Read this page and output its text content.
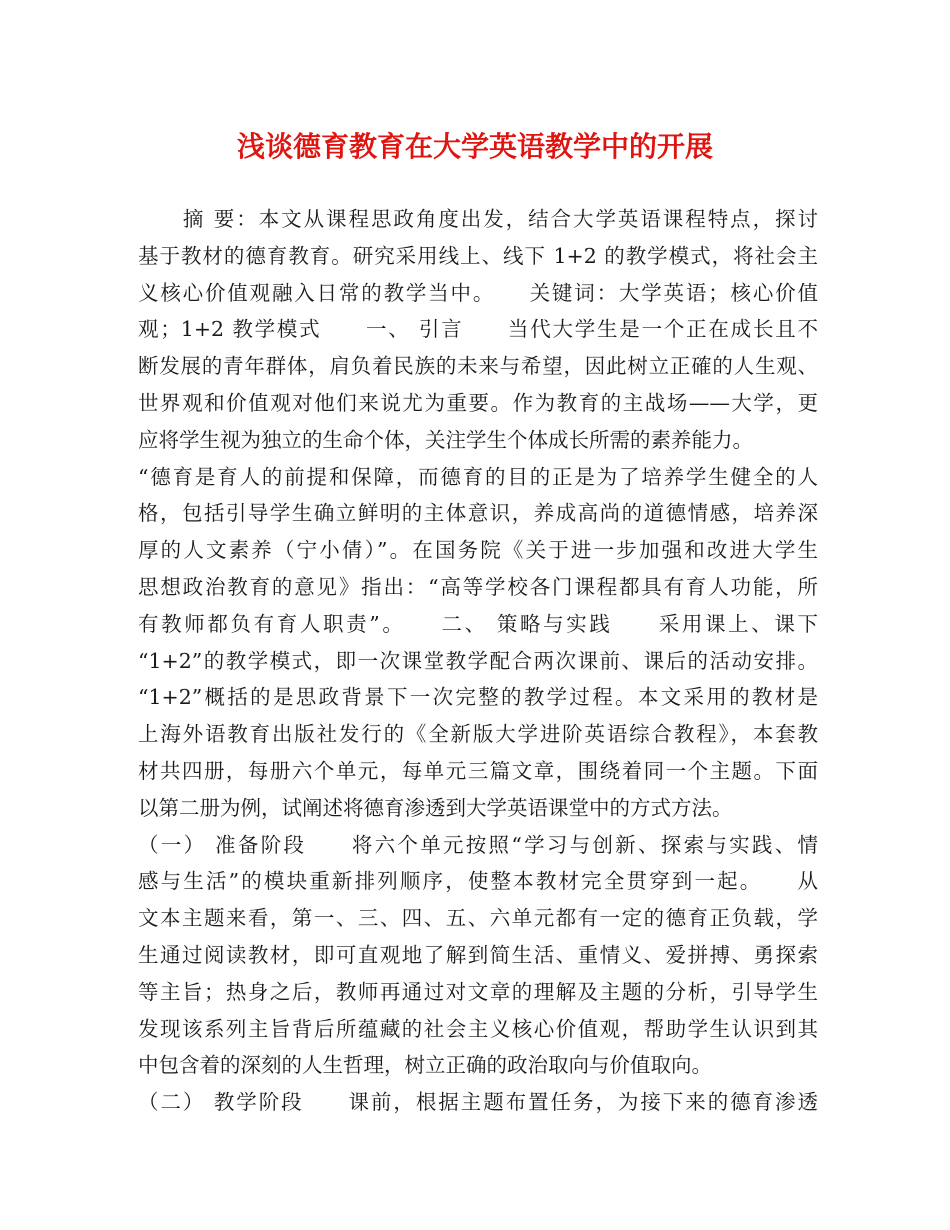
浅谈德育教育在大学英语教学中的开展
　　摘 要：本文从课程思政角度出发，结合大学英语课程特点，探讨
基于教材的德育教育。研究采用线上、线下 1+2 的教学模式，将社会主
义核心价值观融入日常的教学当中。　　关键词：大学英语；核心价值
观；1+2 教学模式　　一、 引言　　当代大学生是一个正在成长且不
断发展的青年群体，肩负着民族的未来与希望，因此树立正確的人生观、
世界观和价值观对他们来说尤为重要。作为教育的主战场——大学，更
应将学生视为独立的生命个体，关注学生个体成长所需的素养能力。
“德育是育人的前提和保障，而德育的目的正是为了培养学生健全的人
格，包括引导学生确立鲜明的主体意识，养成高尚的道德情感，培养深
厚的人文素养（宁小倩）”。在国务院《关于进一步加强和改进大学生
思想政治教育的意见》指出：“高等学校各门课程都具有育人功能，所
有教师都负有育人职责”。　　二、 策略与实践　　采用课上、课下
“1+2”的教学模式，即一次课堂教学配合两次课前、课后的活动安排。
“1+2”概括的是思政背景下一次完整的教学过程。本文采用的教材是
上海外语教育出版社发行的《全新版大学进阶英语综合教程》，本套教
材共四册，每册六个单元，每单元三篇文章，围绕着同一个主题。下面
以第二册为例，试阐述将德育渗透到大学英语课堂中的方式方法。
（一） 准备阶段　　将六个单元按照“学习与创新、探索与实践、情
感与生活”的模块重新排列顺序，使整本教材完全贯穿到一起。　　从
文本主题来看，第一、三、四、五、六单元都有一定的德育正负载，学
生通过阅读教材，即可直观地了解到简生活、重情义、爱拼搏、勇探索
等主旨；热身之后，教师再通过对文章的理解及主题的分析，引导学生
发现该系列主旨背后所蕴藏的社会主义核心价值观，帮助学生认识到其
中包含着的深刻的人生哲理，树立正确的政治取向与价值取向。
（二） 教学阶段　　课前，根据主题布置任务，为接下来的德育渗透
